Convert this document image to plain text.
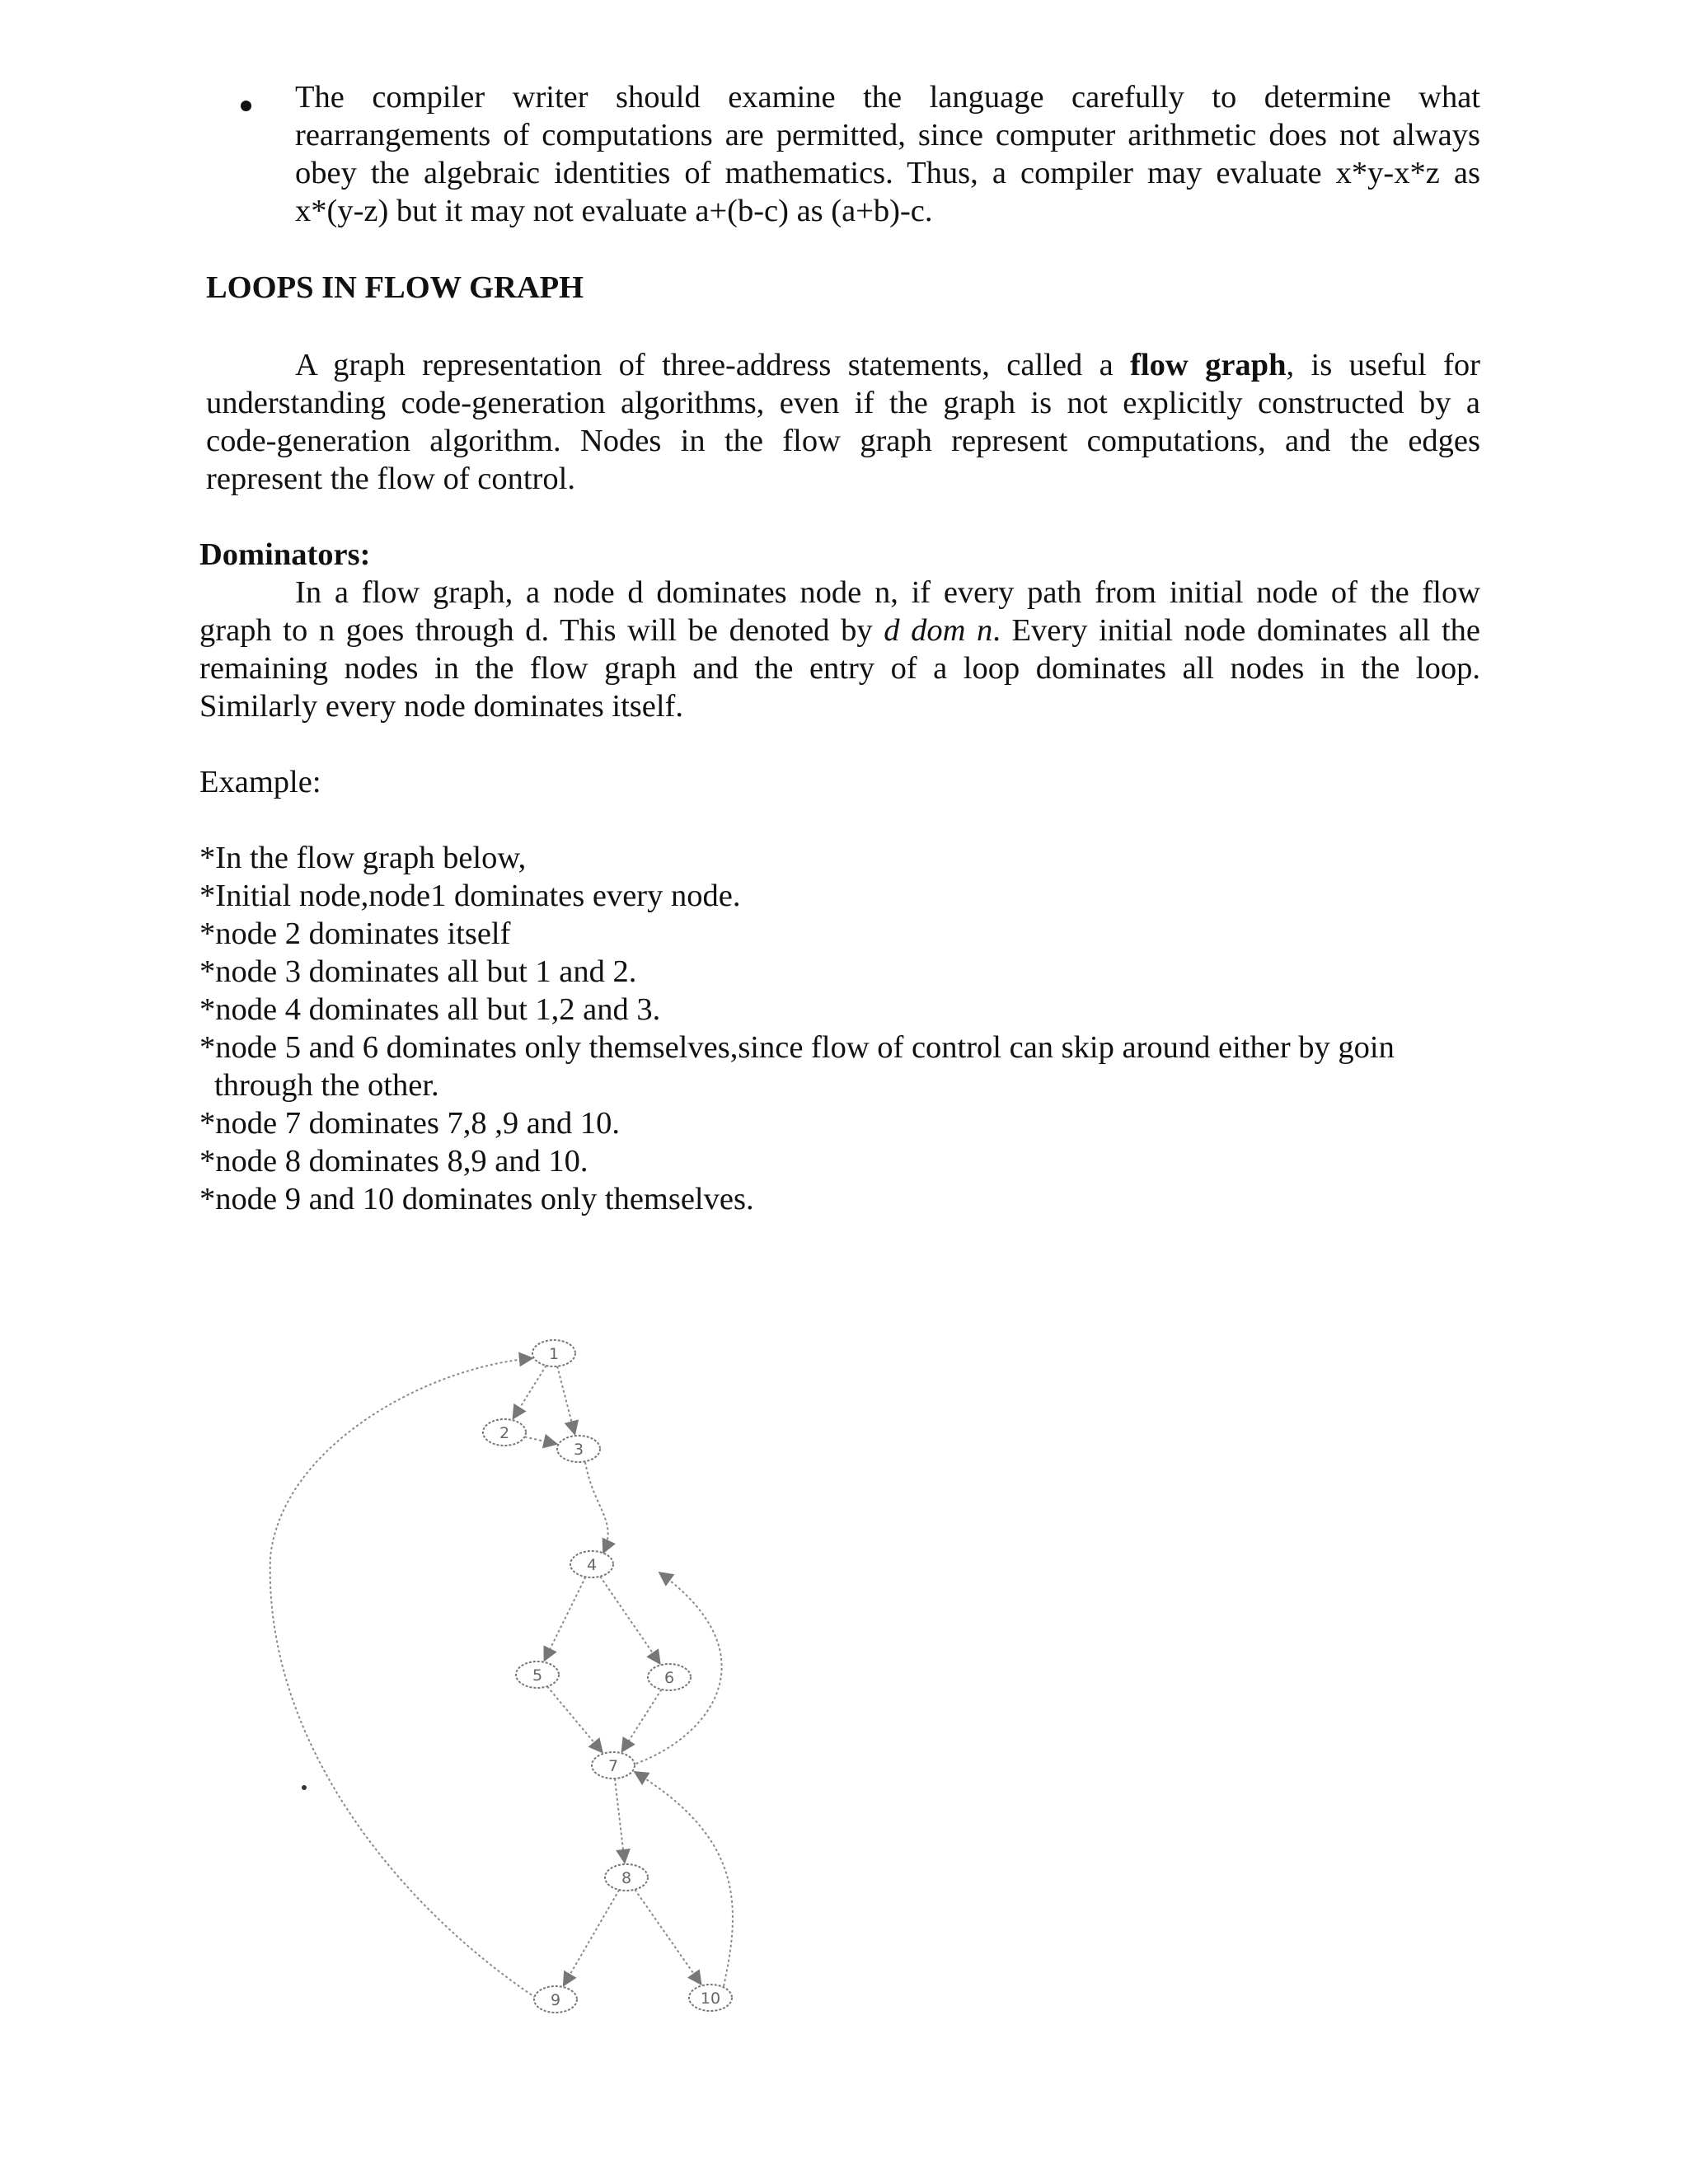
The compiler writer should examine the language carefully to determine what
rearrangements of computations are permitted, since computer arithmetic does not always
obey the algebraic identities of mathematics. Thus, a compiler may evaluate x*y-x*z as
x*(y-z) but it may not evaluate a+(b-c) as (a+b)-c.
LOOPS IN FLOW GRAPH
A graph representation of three-address statements, called a flow graph, is useful for
understanding code-generation algorithms, even if the graph is not explicitly constructed by a
code-generation algorithm. Nodes in the flow graph represent computations, and the edges
represent the flow of control.
Dominators:
In a flow graph, a node d dominates node n, if every path from initial node of the flow
graph to n goes through d. This will be denoted by d dom n. Every initial node dominates all the
remaining nodes in the flow graph and the entry of a loop dominates all nodes in the loop.
Similarly every node dominates itself.
Example:
*In the flow graph below,
*Initial node,node1 dominates every node.
*node 2 dominates itself
*node 3 dominates all but 1 and 2.
*node 4 dominates all but 1,2 and 3.
*node 5 and 6 dominates only themselves,since flow of control can skip around either by goin
through the other.
*node 7 dominates 7,8 ,9 and 10.
*node 8 dominates 8,9 and 10.
*node 9 and 10 dominates only themselves.
1
2
3
4
5	6
7
8
9	10
